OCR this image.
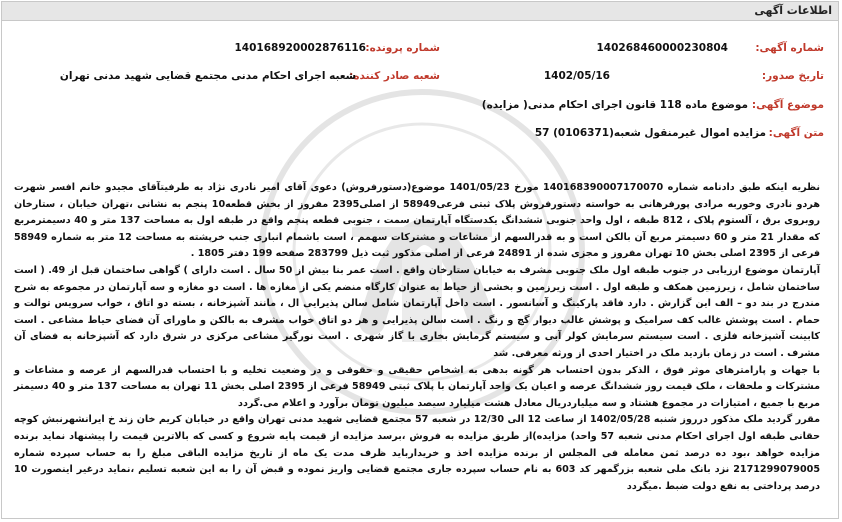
اطلاعات آگهی
شماره آگهی:
140268460000230804
شماره پرونده:
140168920002876116
تاریخ صدور:
1402/05/16
شعبه صادر کننده:
شعبه اجرای احکام مدنی مجتمع قضایی شهید مدنی تهران
موضوع آگهی:
موضوع ماده 118 قانون اجرای احکام مدنی( مزایده)
متن آگهی:
مزایده اموال غیرمنقول شعبه(0106371) 57

نظریه اینکه طبق دادنامه شماره 140168390007170070 مورخ 1401/05/23 موضوع(دستورفروش) دعوی آقای امیر نادری نژاد به طرفیتآقای مجیدو خانم افسر شهرت هردو نادری وخوربه مرادی پورفرهانی به خواسته دستورفروش پلاک ثبتی فرعی58949 از اصلی2395 مفروز از بخش قطعه10 پنجم به نشانی ،تهران خیابان ، ستارخان روبروی برق ، آلستوم پلاک ، 812 طبقه ، اول واحد جنوبی ششدانگ یکدستگاه آپارتمان سمت ، جنوبی قطعه پنجم واقع در طبقه اول به مساحت 137 متر و 40 دسیمترمربع که مقدار 21 متر و 60 دسیمتر مربع آن بالکن است و به قدرالسهم از مشاعات و مشترکات سهمم ، است باشمام انباری جنب خرپشته به مساحت 12 متر به شماره 58949 فرعی از 2395 اصلی بخش 10 تهران مفروز و مجزی شده از 24891 فرعی از اصلی مذکور ثبت ذیل 283799 صفحه 199 دفتر 1805 .

آپارتمان موضوع ارزیابی در جنوب طبقه اول ملک جنوبی مشرف به خیابان ستارخان واقع . است عمر بنا بیش از 50 سال . است دارای ) گواهی ساختمان قبل از 49. ( است ساختمان شامل ، زیرزمین همکف و طبقه اول . است زیرزمین و بخشی از حیاط به عنوان کارگاه منضم یکی از مغازه ها . است دو مغازه و سه آپارتمان در مجموعه به شرح مندرج در بند دو – الف این گزارش . دارد فاقد پارکینگ و آسانسور . است داخل آپارتمان شامل سالن پذیرایی ال ، مانند آشپزخانه ، بسته دو اتاق ، خواب سرویس توالت و حمام . است پوشش غالب کف سرامیک و پوشش غالب دیوار گچ و رنگ . است سالن پذیرایی و هر دو اتاق خواب مشرف به بالکن و ماورای آن فضای حیاط مشاعی . است کابینت آشپزخانه فلزی . است سیستم سرمایش کولر آبی و سیستم گرمایش بخاری با گاز شهری . است نورگیر مشاعی مرکزی در شرق دارد که آشپزخانه به فضای آن مشرف . است در زمان بازدید ملک در اختیار احدی از ورثه معرفی. شد

با جهات و پارامترهای موثر فوق ، الذکر بدون احتساب هر گونه بدهی به اشخاص حقیقی و حقوقی و در وضعیت تخلیه و با احتساب قدرالسهم از عرصه و مشاعات و مشترکات و ملحقات ، ملک قیمت روز ششدانگ عرصه و اعیان یک واحد آپارتمان با پلاک ثبتی 58949 فرعی از 2395 اصلی بخش 11 تهران به مساحت 137 متر و 40 دسیمتر مربع با جمیع ، امتیازات در مجموع هشتاد و سه میلیاردریال معادل هشت میلیارد سیصد میلیون تومان برآورد و اعلام می.گردد

مقرر گردید ملک مذکور درروز شنبه 1402/05/28 از ساعت 12 الی 12/30 در شعبه 57 مجتمع قضایی شهید مدنی تهران واقع در خیابان کریم خان زند خ ایرانشهرنبش کوچه حقانی طبقه اول اجرای احکام مدنی شعبه 57 واحد) مزایده)از طریق مزایده به فروش ،برسد مزایده از قیمت پایه شروع و کسی که بالاترین قیمت را پیشنهاد نماید برنده مزایده خواهد ،بود ده درصد ثمن معامله فی المجلس از برنده مزایده اخذ و خریدارباید ظرف مدت یک ماه از تاریخ مزایده الباقی مبلغ را به حساب سپرده شماره 2171299079005 نزد بانک ملی شعبه بزرگمهر کد 603 به نام حساب سپرده جاری مجتمع قضایی واریز نموده و قبض آن را به این شعبه تسلیم ،نماید درغیر اینصورت 10 درصد پرداختی به نفع دولت ضبط .میگردد
